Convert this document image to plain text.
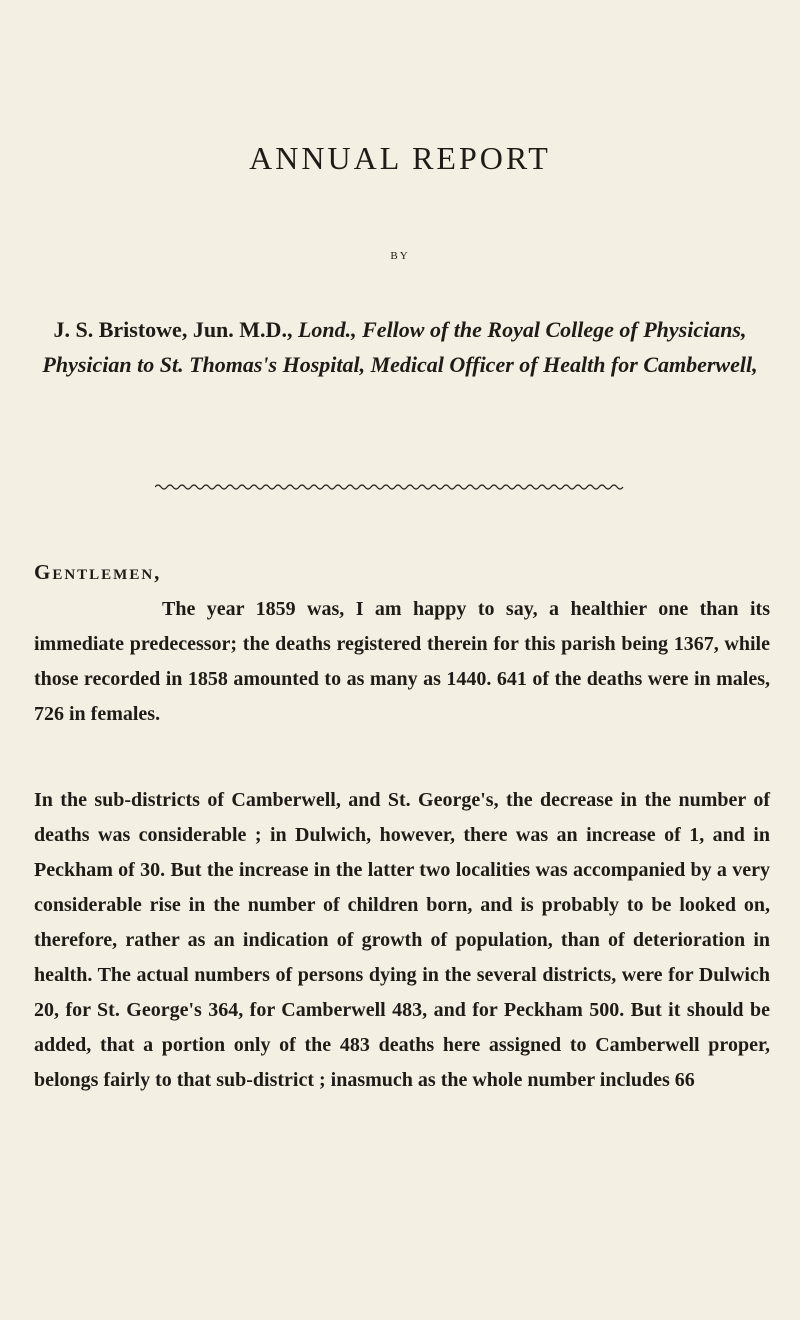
ANNUAL REPORT
BY
J. S. Bristowe, Jun. M.D., Lond., Fellow of the Royal College of Physicians, Physician to St. Thomas's Hospital, Medical Officer of Health for Camberwell,
Gentlemen,
The year 1859 was, I am happy to say, a healthier one than its immediate predecessor; the deaths registered therein for this parish being 1367, while those recorded in 1858 amounted to as many as 1440. 641 of the deaths were in males, 726 in females.
In the sub-districts of Camberwell, and St. George's, the decrease in the number of deaths was considerable ; in Dulwich, however, there was an increase of 1, and in Peckham of 30. But the increase in the latter two localities was accompanied by a very considerable rise in the number of children born, and is probably to be looked on, therefore, rather as an indication of growth of population, than of deterioration in health. The actual numbers of persons dying in the several districts, were for Dulwich 20, for St. George's 364, for Camberwell 483, and for Peckham 500. But it should be added, that a portion only of the 483 deaths here assigned to Camberwell proper, belongs fairly to that sub-district ; inasmuch as the whole number includes 66
